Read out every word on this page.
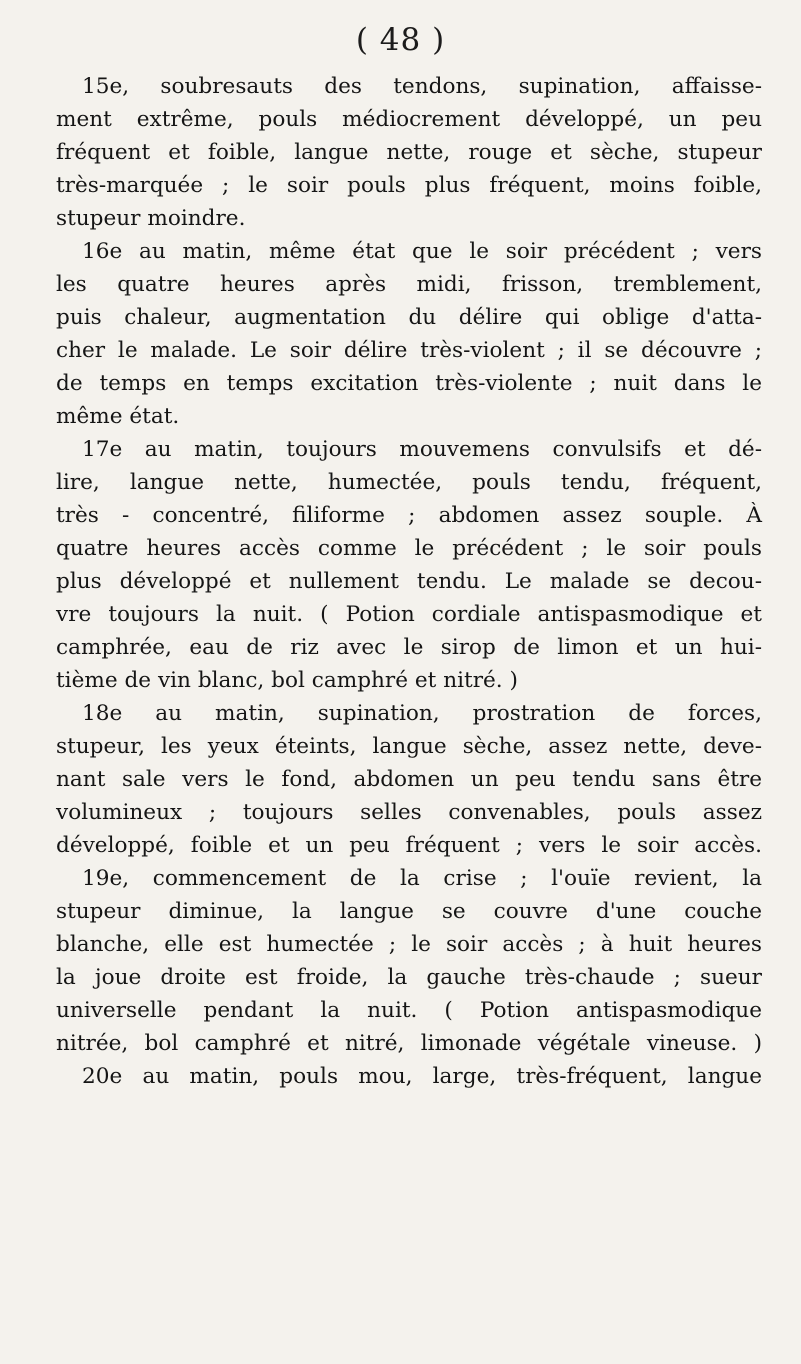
( 48 )
15e, soubresauts des tendons, supination, affaisse-
ment extrême, pouls médiocrement développé, un peu
fréquent et foible, langue nette, rouge et sèche, stupeur
très-marquée ; le soir pouls plus fréquent, moins foible,
stupeur moindre.
16e au matin, même état que le soir précédent ; vers
les quatre heures après midi, frisson, tremblement,
puis chaleur, augmentation du délire qui oblige d'atta-
cher le malade. Le soir délire très-violent ; il se découvre ;
de temps en temps excitation très-violente ; nuit dans le
même état.
17e au matin, toujours mouvemens convulsifs et dé-
lire, langue nette, humectée, pouls tendu, fréquent,
très - concentré, filiforme ; abdomen assez souple. À
quatre heures accès comme le précédent ; le soir pouls
plus développé et nullement tendu. Le malade se decou-
vre toujours la nuit. ( Potion cordiale antispasmodique et
camphrée, eau de riz avec le sirop de limon et un hui-
tième de vin blanc, bol camphré et nitré. )
18e au matin, supination, prostration de forces,
stupeur, les yeux éteints, langue sèche, assez nette, deve-
nant sale vers le fond, abdomen un peu tendu sans être
volumineux ; toujours selles convenables, pouls assez
développé, foible et un peu fréquent ; vers le soir accès.
19e, commencement de la crise ; l'ouïe revient, la
stupeur diminue, la langue se couvre d'une couche
blanche, elle est humectée ; le soir accès ; à huit heures
la joue droite est froide, la gauche très-chaude ; sueur
universelle pendant la nuit. ( Potion antispasmodique
nitrée, bol camphré et nitré, limonade végétale vineuse. )
20e au matin, pouls mou, large, très-fréquent, langue
